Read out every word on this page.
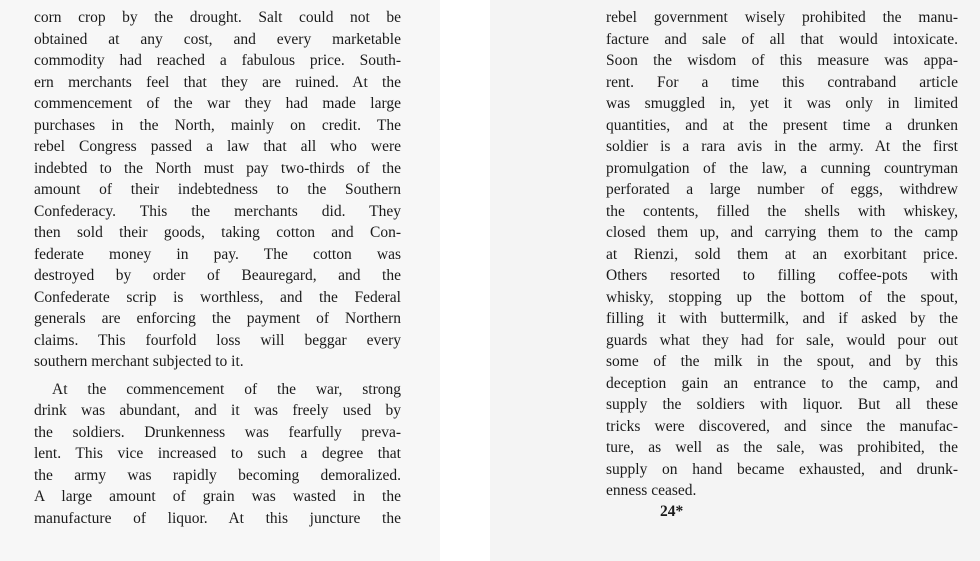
corn crop by the drought. Salt could not be
obtained at any cost, and every marketable
commodity had reached a fabulous price. South-
ern merchants feel that they are ruined. At the
commencement of the war they had made large
purchases in the North, mainly on credit. The
rebel Congress passed a law that all who were
indebted to the North must pay two-thirds of the
amount of their indebtedness to the Southern
Confederacy. This the merchants did. They
then sold their goods, taking cotton and Con-
federate money in pay. The cotton was
destroyed by order of Beauregard, and the
Confederate scrip is worthless, and the Federal
generals are enforcing the payment of Northern
claims. This fourfold loss will beggar every
southern merchant subjected to it.
At the commencement of the war, strong
drink was abundant, and it was freely used by
the soldiers. Drunkenness was fearfully preva-
lent. This vice increased to such a degree that
the army was rapidly becoming demoralized.
A large amount of grain was wasted in the
manufacture of liquor. At this juncture the
rebel government wisely prohibited the manu-
facture and sale of all that would intoxicate.
Soon the wisdom of this measure was appa-
rent. For a time this contraband article
was smuggled in, yet it was only in limited
quantities, and at the present time a drunken
soldier is a rara avis in the army. At the first
promulgation of the law, a cunning countryman
perforated a large number of eggs, withdrew
the contents, filled the shells with whiskey,
closed them up, and carrying them to the camp
at Rienzi, sold them at an exorbitant price.
Others resorted to filling coffee-pots with
whisky, stopping up the bottom of the spout,
filling it with buttermilk, and if asked by the
guards what they had for sale, would pour out
some of the milk in the spout, and by this
deception gain an entrance to the camp, and
supply the soldiers with liquor. But all these
tricks were discovered, and since the manufac-
ture, as well as the sale, was prohibited, the
supply on hand became exhausted, and drunk-
enness ceased.
24*
